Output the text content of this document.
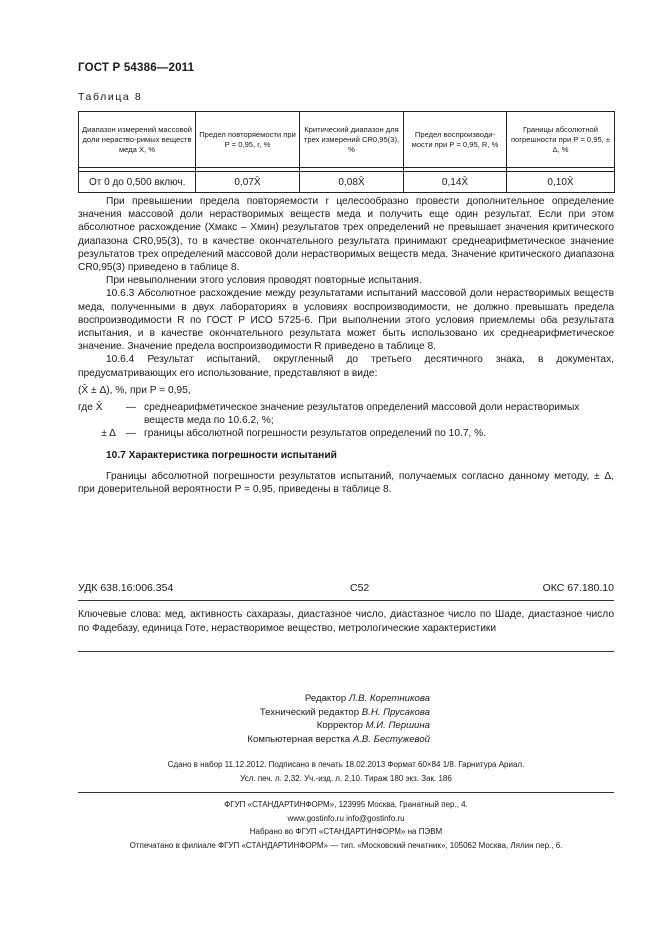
ГОСТ Р 54386—2011
Таблица 8
Диапазон измерений массовой доли нераство-римых веществ меда X, %	Предел повторяемости при P = 0,95, r, %	Критический диапазон для трех измерений CR0,95(3), %	Предел воспроизводи-мости при P = 0,95, R, %	Границы абсолютной погрешности при P = 0,95, ± Δ, %

От 0 до 0,500 включ.	0,07X̄	0,08X̄	0,14X̄	0,10X̄

При превышении предела повторяемости r целесообразно провести дополнительное определение значения массовой доли нерастворимых веществ меда и получить еще один результат. Если при этом абсолютное расхождение (Xмакс – Xмин) результатов трех определений не превышает значения критического диапазона CR0,95(3), то в качестве окончательного результата принимают среднеарифметическое значение результатов трех определений массовой доли нерастворимых веществ меда. Значение критического диапазона CR0,95(3) приведено в таблице 8.

При невыполнении этого условия проводят повторные испытания.

10.6.3 Абсолютное расхождение между результатами испытаний массовой доли нерастворимых веществ меда, полученными в двух лабораториях в условиях воспроизводимости, не должно превышать предела воспроизводимости R по ГОСТ Р ИСО 5725-6. При выполнении этого условия приемлемы оба результата испытания, и в качестве окончательного результата может быть использовано их среднеарифметическое значение. Значение предела воспроизводимости R приведено в таблице 8.

10.6.4 Результат испытаний, округленный до третьего десятичного знака, в документах, предусматривающих его использование, представляют в виде:

(X̄ ± Δ), %, при P = 0,95,

где X̄	— среднеарифметическое значение результатов определений массовой доли нерастворимых веществ меда по 10.6.2, %;
± Δ — границы абсолютной погрешности результатов определений по 10.7, %.

10.7 Характеристика погрешности испытаний

Границы абсолютной погрешности результатов испытаний, получаемых согласно данному методу, ± Δ, при доверительной вероятности P = 0,95, приведены в таблице 8.

УДК 638.16:006.354	С52	ОКС 67.180.10
Ключевые слова: мед, активность сахаразы, диастазное число, диастазное число по Шаде, диастазное число по Фадебазу, единица Готе, нерастворимое вещество, метрологические характеристики
Редактор Л.В. Коретникова
Технический редактор В.Н. Прусакова
Корректор М.И. Першина
Компьютерная верстка А.В. Бестужевой
Сдано в набор 11.12.2012. Подписано в печать 18.02.2013 Формат 60×84 1/8. Гарнитура Ариал.
Усл. печ. л. 2,32. Уч.-изд. л. 2,10. Тираж 180 экз. Зак. 186
ФГУП «СТАНДАРТИНФОРМ», 123995 Москва, Гранатный пер., 4.
www.gostinfo.ru info@gostinfo.ru
Набрано во ФГУП «СТАНДАРТИНФОРМ» на ПЭВМ
Отпечатано в филиале ФГУП «СТАНДАРТИНФОРМ» — тип. «Московский печатник», 105062 Москва, Лялин пер., 6.
